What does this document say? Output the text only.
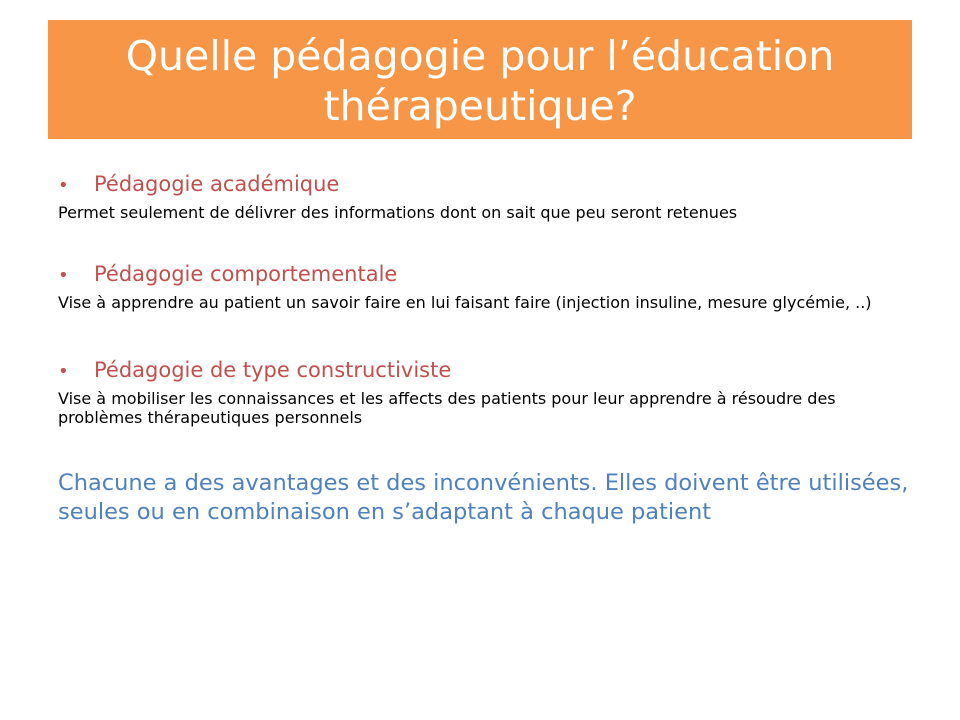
Quelle pédagogie pour l’éducation thérapeutique?
•	Pédagogie académique

Permet seulement de délivrer des informations dont on sait que peu seront retenues

•	Pédagogie comportementale

Vise à apprendre au patient un savoir faire en lui faisant faire (injection insuline, mesure glycémie, ..)

•	Pédagogie de type constructiviste

Vise à mobiliser les connaissances et les affects des patients pour leur apprendre à résoudre des problèmes thérapeutiques personnels

Chacune a des avantages et des inconvénients. Elles doivent être utilisées, seules ou en combinaison en s’adaptant à chaque patient
